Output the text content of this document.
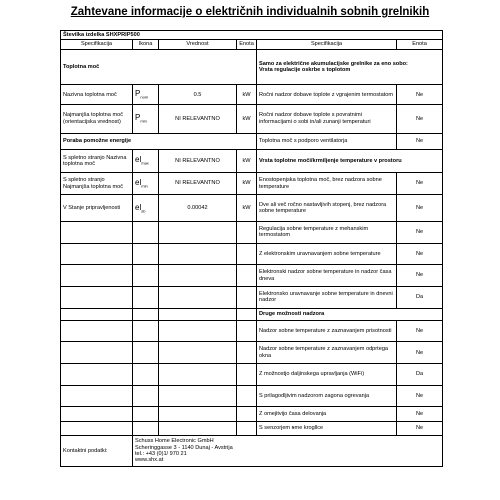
Zahtevane informacije o električnih individualnih sobnih grelnikih
Številka izdelka SHXPRIP500					
Specifikacija	Ikona	Vrednost	Enota	Specifikacija	Enota
Toplotna moč				Samo za električne akumulacijske grelnike za eno sobo:
Vrsta regulacije oskrbe s toplotom	
Nazivna toplotna moč	$P_{nom}$	0.5	kW	Ročni nadzor dobave toplote z vgrajenim termostatom	Ne
Najmanjša toplotna moč (orientacijska vrednost)	$P_{min}$	NI RELEVANTNO	kW	Ročni nadzor dobave toplote s povratnimi informacijami o sobi in/ali zunanji temperaturi	Ne
Poraba pomožne energije				Toplotna moč s podporo ventilatorja	Ne
S spletno stranjo Nazivna toplotna moč	$el_{max}$	NI RELEVANTNO	kW	Vrsta toplotne moči/krmiljenje temperature v prostoru	
S spletno stranjo Najmanjša toplotna moč	$el_{min}$	NI RELEVANTNO	kW	Enostopenjska toplotna moč, brez nadzora sobne temperature	Ne
V Stanje pripravljenosti	$el_{sb}$	0.00042	kW	Dve ali več ročno nastavljivih stopenj, brez nadzora sobne temperature	Ne
				Regulacija sobne temperature z mehanskim termostatom	Ne
				Z elektronskim uravnavanjem sobne temperature	Ne
				Elektronski nadzor sobne temperature in nadzor časa dneva	Ne
				Elektronsko uravnavanje sobne temperature in dnevni nadzor	Da
				Druge možnosti nadzora	
				Nadzor sobne temperature z zaznavanjem prisotnosti	Ne
				Nadzor sobne temperature z zaznavanjem odprtega okna	Ne
				Z možnostjo daljinskega upravljanja (WiFi)	Da
				S prilagodljivim nadzorom zagona ogrevanja	Ne
				Z omejitvijo časa delovanja	Ne
				S senzorjem ꞩme krogllce	Ne
Kontaktni podatki:	Schuss Home Electronic GmbH
Scheringgasse 3 - 1140 Dunaj - Avstrija
tel.: +43 (0)1/ 970 21
www.shx.at				
